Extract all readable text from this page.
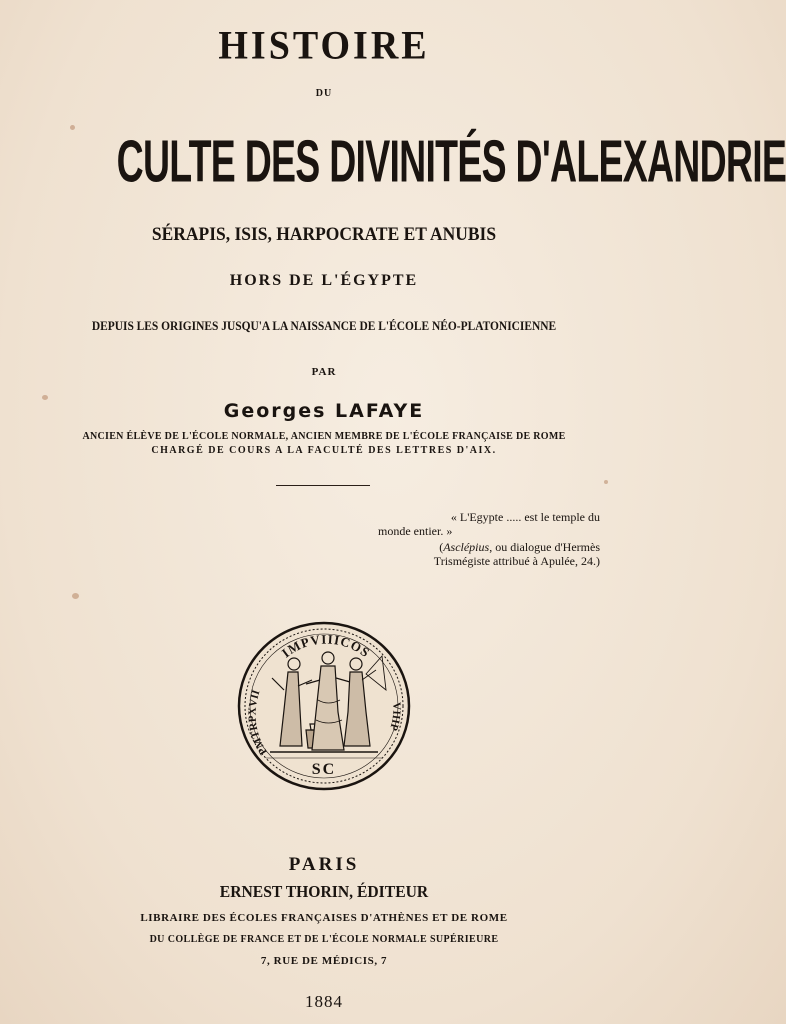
HISTOIRE
DU
CULTE DES DIVINITÉS D'ALEXANDRIE
SÉRAPIS, ISIS, HARPOCRATE ET ANUBIS
HORS DE L'ÉGYPTE
DEPUIS LES ORIGINES JUSQU'A LA NAISSANCE DE L'ÉCOLE NÉO-PLATONICIENNE
PAR
Georges LAFAYE
ANCIEN ÉLÈVE DE L'ÉCOLE NORMALE, ANCIEN MEMBRE DE L'ÉCOLE FRANÇAISE DE ROME
CHARGÉ DE COURS A LA FACULTÉ DES LETTRES D'AIX.
« L'Egypte ..... est le temple du
monde entier. »
(Asclépius, ou dialogue d'Hermès
Trismégiste attribué à Apulée, 24.)
IMPVIIICOS
PMTRPXVII
VIIIP
SC
PARIS
ERNEST THORIN, ÉDITEUR
LIBRAIRE DES ÉCOLES FRANÇAISES D'ATHÈNES ET DE ROME
DU COLLÈGE DE FRANCE ET DE L'ÉCOLE NORMALE SUPÉRIEURE
7, RUE DE MÉDICIS, 7
1884
